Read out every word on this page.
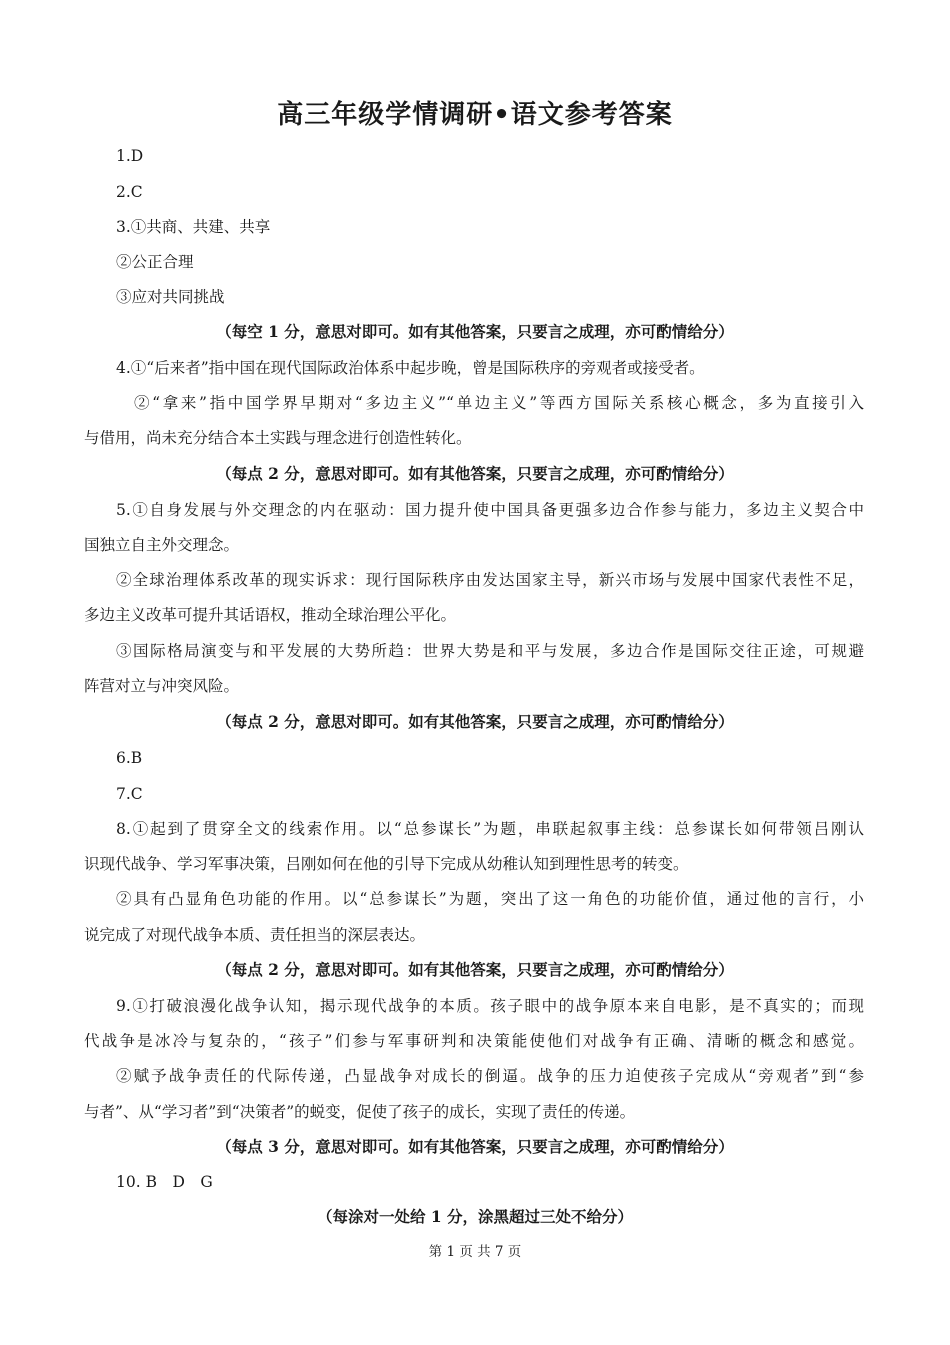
高三年级学情调研•语文参考答案
1.D
2.C
3.①共商、共建、共享
②公正合理
③应对共同挑战
（每空 1 分，意思对即可。如有其他答案，只要言之成理，亦可酌情给分）
4.①“后来者”指中国在现代国际政治体系中起步晚，曾是国际秩序的旁观者或接受者。
②“拿来”指中国学界早期对“多边主义”“单边主义”等西方国际关系核心概念，多为直接引入
与借用，尚未充分结合本土实践与理念进行创造性转化。
（每点 2 分，意思对即可。如有其他答案，只要言之成理，亦可酌情给分）
5.①自身发展与外交理念的内在驱动：国力提升使中国具备更强多边合作参与能力，多边主义契合中
国独立自主外交理念。
②全球治理体系改革的现实诉求：现行国际秩序由发达国家主导，新兴市场与发展中国家代表性不足，
多边主义改革可提升其话语权，推动全球治理公平化。
③国际格局演变与和平发展的大势所趋：世界大势是和平与发展，多边合作是国际交往正途，可规避
阵营对立与冲突风险。
（每点 2 分，意思对即可。如有其他答案，只要言之成理，亦可酌情给分）
6.B
7.C
8.①起到了贯穿全文的线索作用。以“总参谋长”为题，串联起叙事主线：总参谋长如何带领吕刚认
识现代战争、学习军事决策，吕刚如何在他的引导下完成从幼稚认知到理性思考的转变。
②具有凸显角色功能的作用。以“总参谋长”为题，突出了这一角色的功能价值，通过他的言行，小
说完成了对现代战争本质、责任担当的深层表达。
（每点 2 分，意思对即可。如有其他答案，只要言之成理，亦可酌情给分）
9.①打破浪漫化战争认知，揭示现代战争的本质。孩子眼中的战争原本来自电影，是不真实的；而现
代战争是冰冷与复杂的，“孩子”们参与军事研判和决策能使他们对战争有正确、清晰的概念和感觉。
②赋予战争责任的代际传递，凸显战争对成长的倒逼。战争的压力迫使孩子完成从“旁观者”到“参
与者”、从“学习者”到“决策者”的蜕变，促使了孩子的成长，实现了责任的传递。
（每点 3 分，意思对即可。如有其他答案，只要言之成理，亦可酌情给分）
10. B　D　G
（每涂对一处给 1 分，涂黑超过三处不给分）
第 1 页 共 7 页
